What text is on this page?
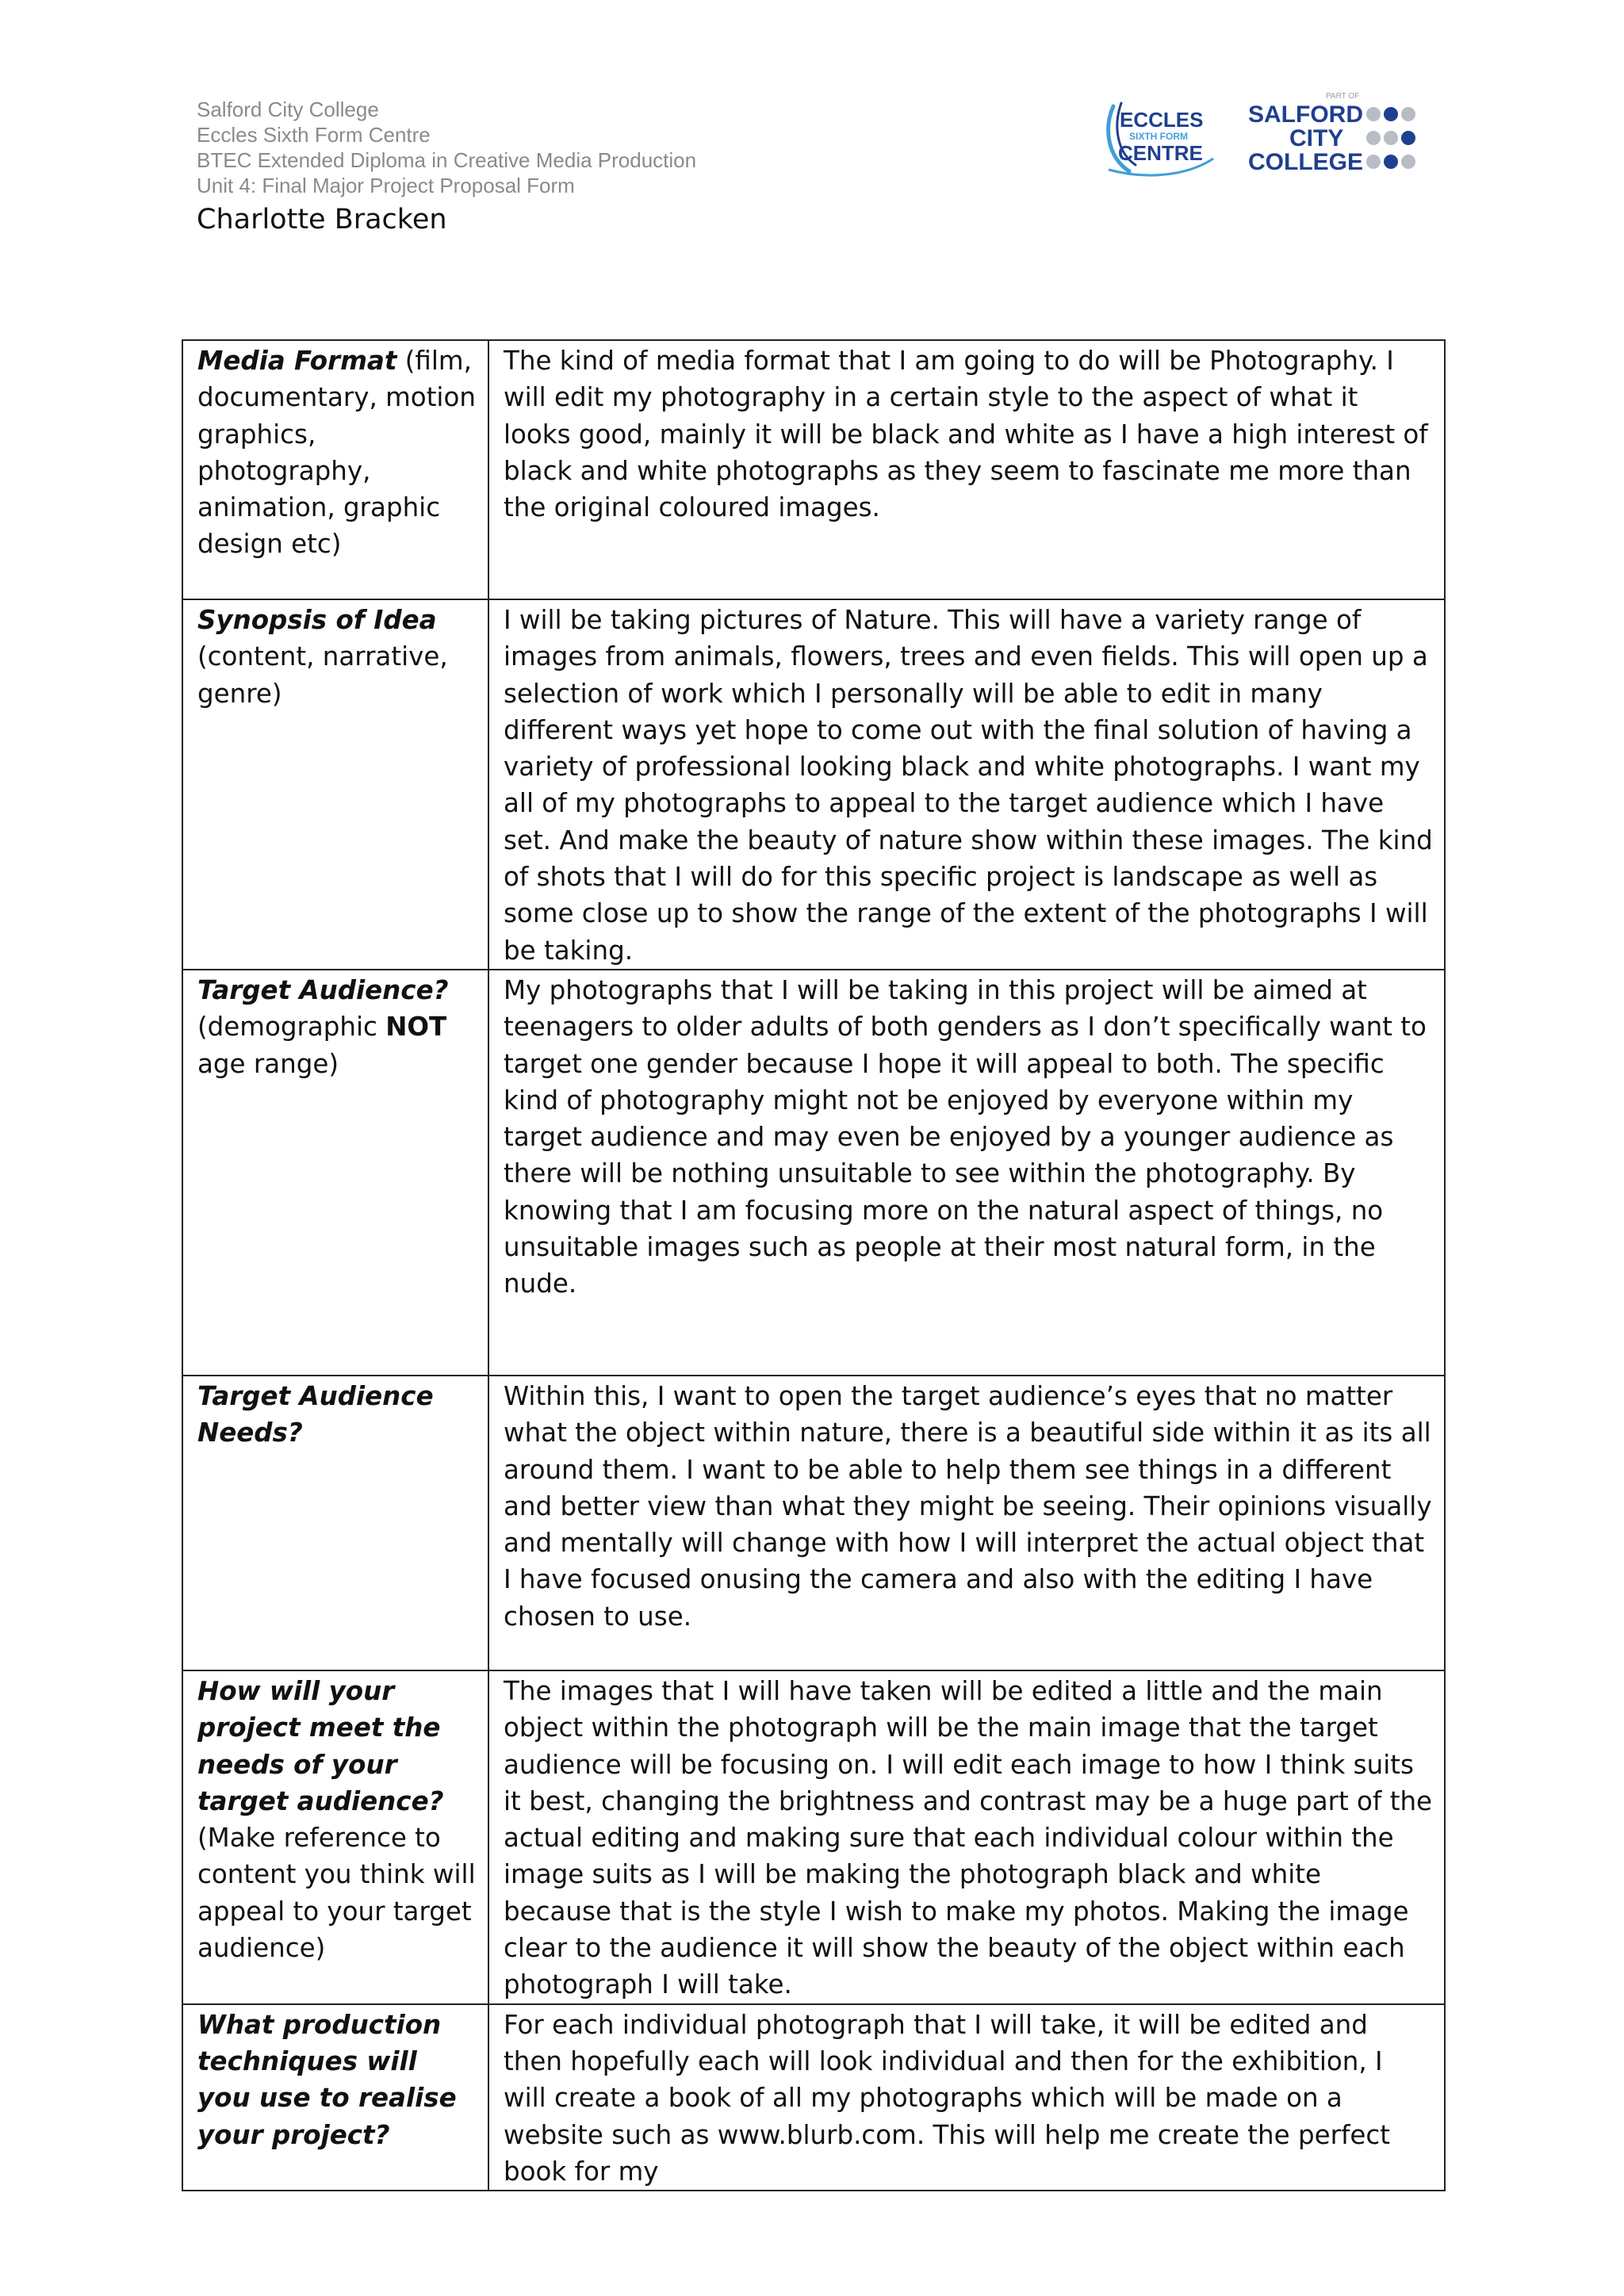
Salford City College
Eccles Sixth Form Centre
BTEC Extended Diploma in Creative Media Production
Unit 4: Final Major Project Proposal Form
Charlotte Bracken
ECCLES
SIXTH FORM
CENTRE
PART OF
SALFORD
CITY
COLLEGE
Media Format (film, documentary, motion graphics, photography, animation, graphic design etc)	The kind of media format that I am going to do will be Photography. I will edit my photography in a certain style to the aspect of what it looks good, mainly it will be black and white as I have a high interest of black and white photographs as they seem to fascinate me more than the original coloured images.
Synopsis of Idea (content, narrative, genre)	I will be taking pictures of Nature. This will have a variety range of images from animals, flowers, trees and even fields. This will open up a selection of work which I personally will be able to edit in many different ways yet hope to come out with the final solution of having a variety of professional looking black and white photographs. I want my all of my photographs to appeal to the target audience which I have set. And make the beauty of nature show within these images. The kind of shots that I will do for this specific project is landscape as well as some close up to show the range of the extent of the photographs I will be taking.
Target Audience? (demographic NOT age range)	My photographs that I will be taking in this project will be aimed at teenagers to older adults of both genders as I don’t specifically want to target one gender because I hope it will appeal to both. The specific kind of photography might not be enjoyed by everyone within my target audience and may even be enjoyed by a younger audience as there will be nothing unsuitable to see within the photography. By knowing that I am focusing more on the natural aspect of things, no unsuitable images such as people at their most natural form, in the nude.
Target Audience Needs?	Within this, I want to open the target audience’s eyes that no matter what the object within nature, there is a beautiful side within it as its all around them. I want to be able to help them see things in a different and better view than what they might be seeing. Their opinions visually and mentally will change with how I will interpret the actual object that I have focused onusing the camera and also with the editing I have chosen to use.
How will your project meet the needs of your target audience? (Make reference to content you think will appeal to your target audience)	The images that I will have taken will be edited a little and the main object within the photograph will be the main image that the target audience will be focusing on. I will edit each image to how I think suits it best, changing the brightness and contrast may be a huge part of the actual editing and making sure that each individual colour within the image suits as I will be making the photograph black and white because that is the style I wish to make my photos. Making the image clear to the audience it will show the beauty of the object within each photograph I will take.
What production techniques will you use to realise your project?	For each individual photograph that I will take, it will be edited and then hopefully each will look individual and then for the exhibition, I will create a book of all my photographs which will be made on a website such as www.blurb.com. This will help me create the perfect book for my
